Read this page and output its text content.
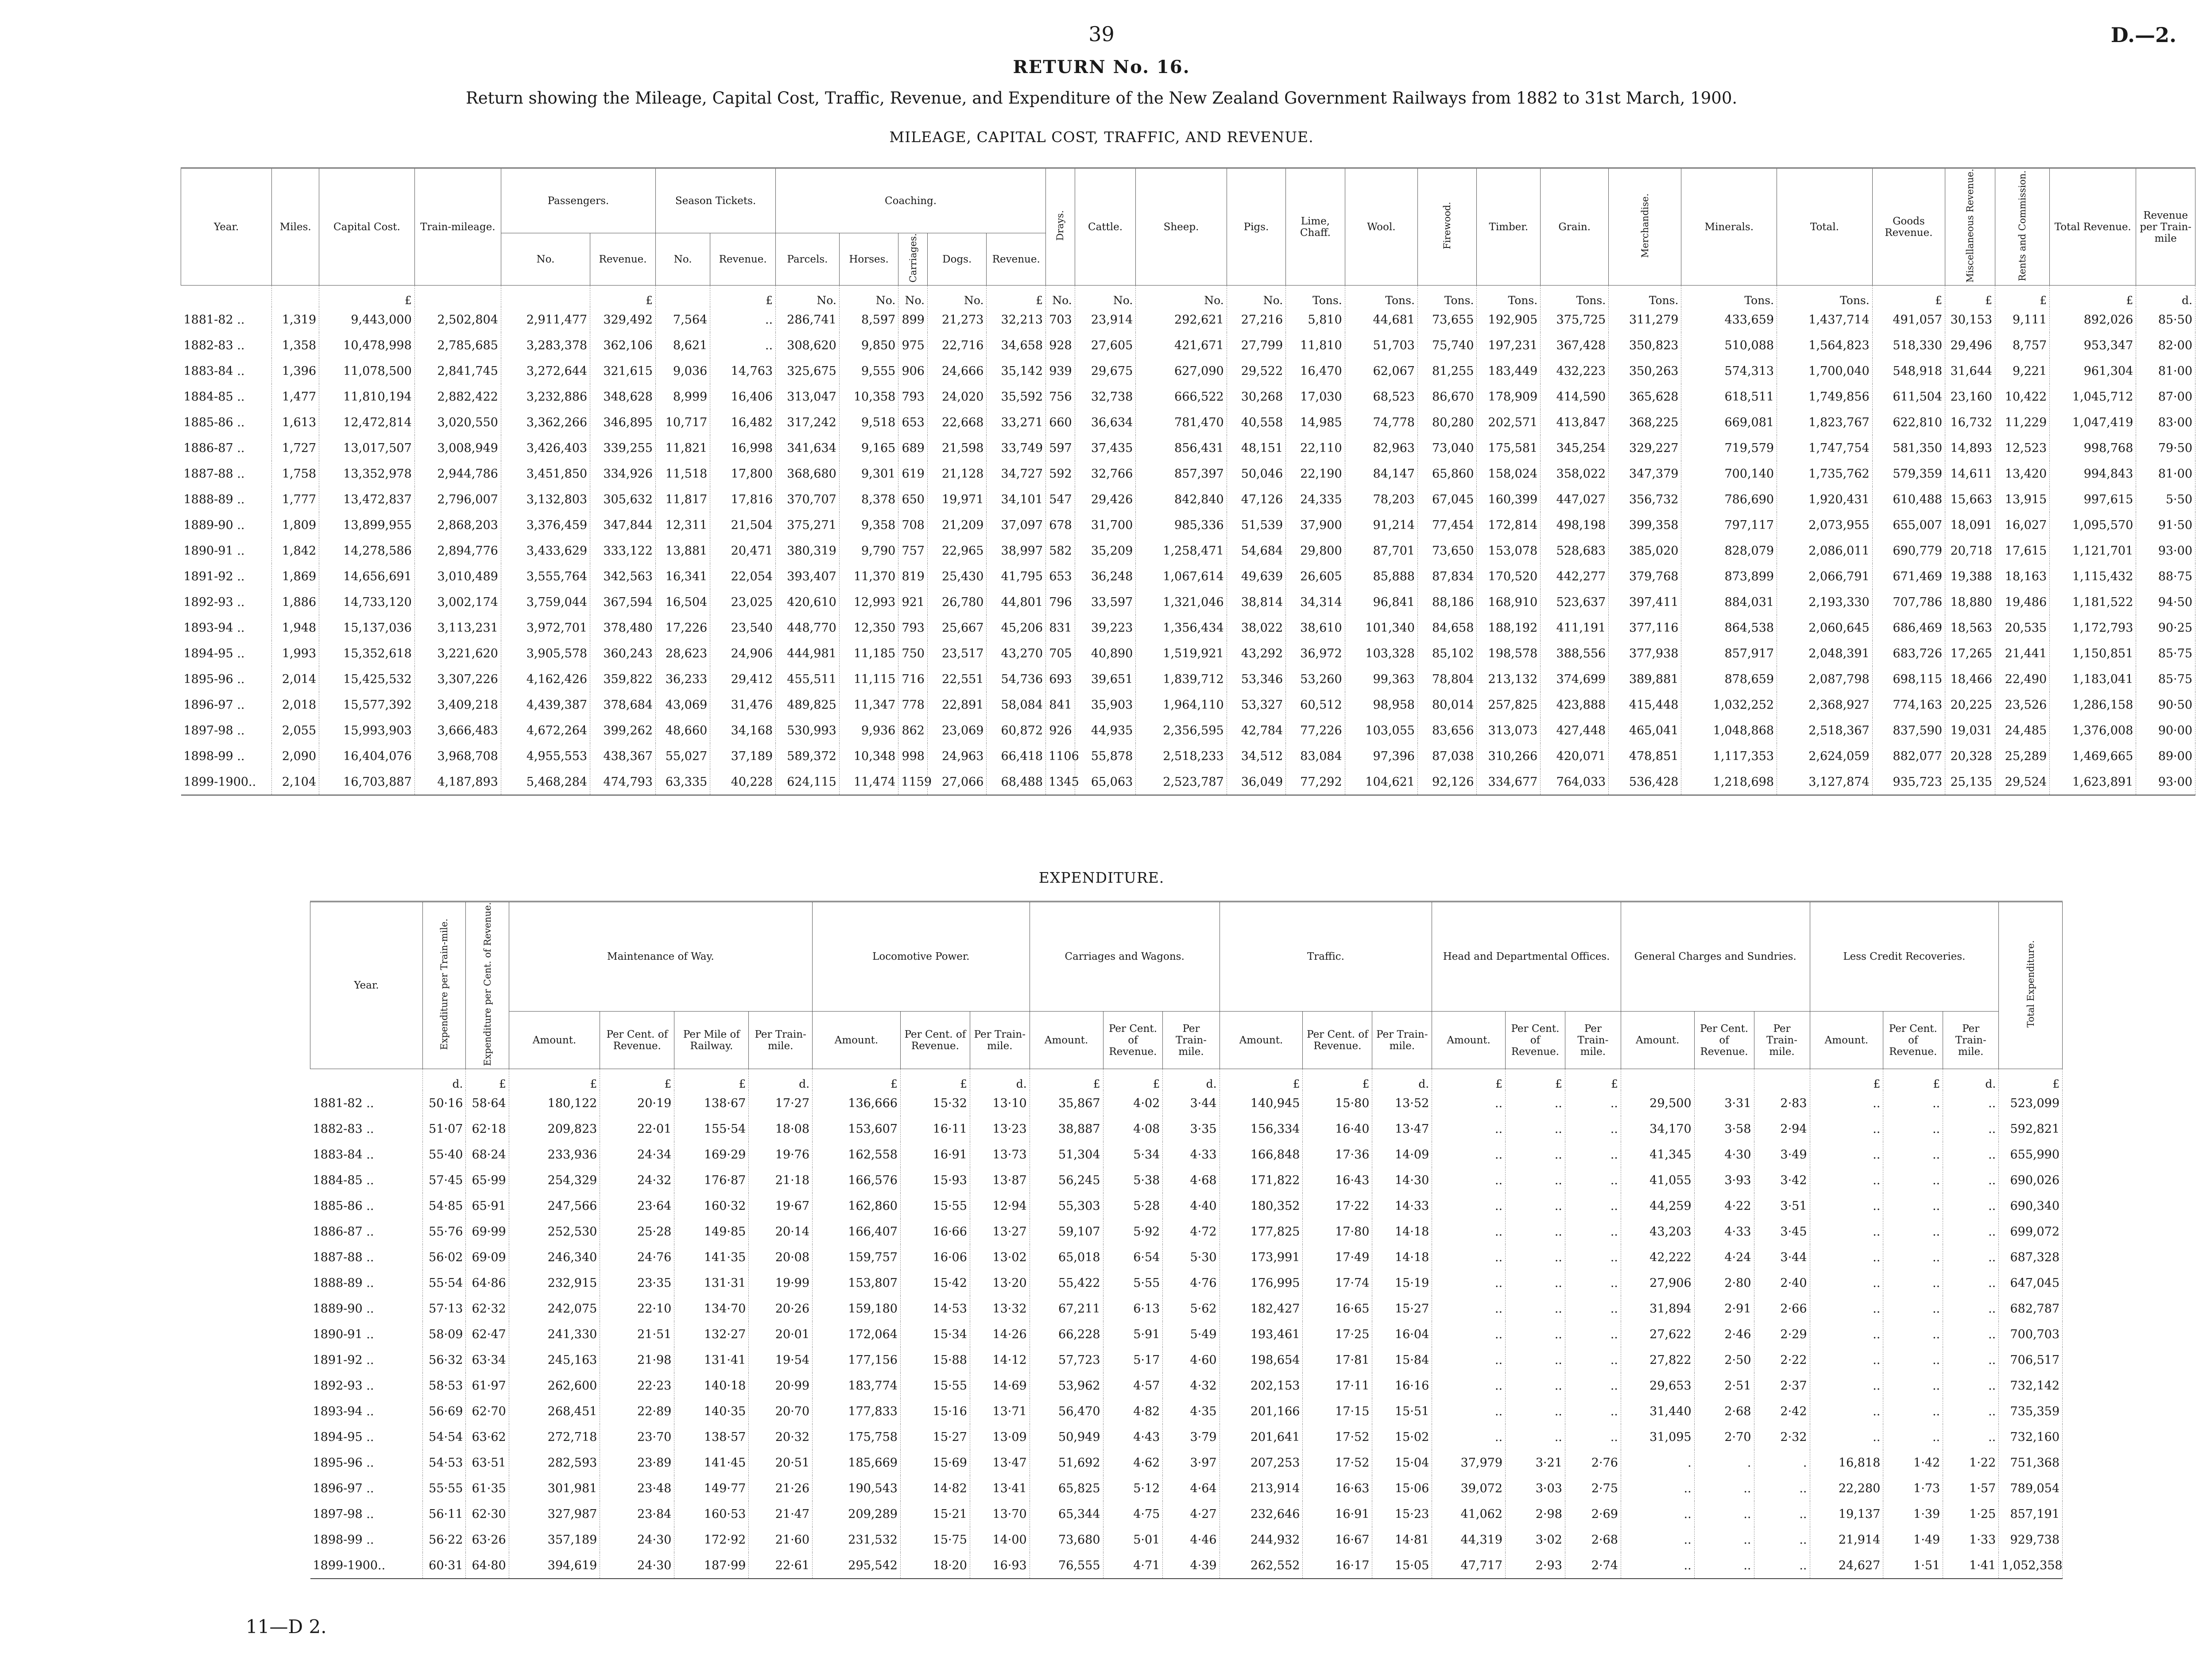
39	D.—2.
RETURN No. 16.
Return showing the Mileage, Capital Cost, Traffic, Revenue, and Expenditure of the New Zealand Government Railways from 1882 to 31st March, 1900.
MILEAGE, CAPITAL COST, TRAFFIC, AND REVENUE.
Year.	Miles.	Capital Cost.	Train-mileage.	Passengers.		Season Tickets.		Coaching.					Drays.	Cattle.	Sheep.	Pigs.	Lime, Chaff.	Wool.	Firewood.	Timber.	Grain.	Merchandise.	Minerals.	Total.	Goods Revenue.	Miscellaneous Revenue.	Rents and Commission.	Total Revenue.	Revenue per Train-mile
				No.	Revenue.	No.	Revenue.	Parcels.	Horses.	Carriages.	Dogs.	Revenue.																	
		£			£		£	No.	No.	No.	No.	£	No.	No.	No.	No.	Tons.	Tons.	Tons.	Tons.	Tons.	Tons.	Tons.	Tons.	£	£	£	£	d.
1881-82 ..	1,319	9,443,000	2,502,804	2,911,477	329,492	7,564	..	286,741	8,597	899	21,273	32,213	703	23,914	292,621	27,216	5,810	44,681	73,655	192,905	375,725	311,279	433,659	1,437,714	491,057	30,153	9,111	892,026	85·50
1882-83 ..	1,358	10,478,998	2,785,685	3,283,378	362,106	8,621	..	308,620	9,850	975	22,716	34,658	928	27,605	421,671	27,799	11,810	51,703	75,740	197,231	367,428	350,823	510,088	1,564,823	518,330	29,496	8,757	953,347	82·00
1883-84 ..	1,396	11,078,500	2,841,745	3,272,644	321,615	9,036	14,763	325,675	9,555	906	24,666	35,142	939	29,675	627,090	29,522	16,470	62,067	81,255	183,449	432,223	350,263	574,313	1,700,040	548,918	31,644	9,221	961,304	81·00
1884-85 ..	1,477	11,810,194	2,882,422	3,232,886	348,628	8,999	16,406	313,047	10,358	793	24,020	35,592	756	32,738	666,522	30,268	17,030	68,523	86,670	178,909	414,590	365,628	618,511	1,749,856	611,504	23,160	10,422	1,045,712	87·00
1885-86 ..	1,613	12,472,814	3,020,550	3,362,266	346,895	10,717	16,482	317,242	9,518	653	22,668	33,271	660	36,634	781,470	40,558	14,985	74,778	80,280	202,571	413,847	368,225	669,081	1,823,767	622,810	16,732	11,229	1,047,419	83·00
1886-87 ..	1,727	13,017,507	3,008,949	3,426,403	339,255	11,821	16,998	341,634	9,165	689	21,598	33,749	597	37,435	856,431	48,151	22,110	82,963	73,040	175,581	345,254	329,227	719,579	1,747,754	581,350	14,893	12,523	998,768	79·50
1887-88 ..	1,758	13,352,978	2,944,786	3,451,850	334,926	11,518	17,800	368,680	9,301	619	21,128	34,727	592	32,766	857,397	50,046	22,190	84,147	65,860	158,024	358,022	347,379	700,140	1,735,762	579,359	14,611	13,420	994,843	81·00
1888-89 ..	1,777	13,472,837	2,796,007	3,132,803	305,632	11,817	17,816	370,707	8,378	650	19,971	34,101	547	29,426	842,840	47,126	24,335	78,203	67,045	160,399	447,027	356,732	786,690	1,920,431	610,488	15,663	13,915	997,615	5·50
1889-90 ..	1,809	13,899,955	2,868,203	3,376,459	347,844	12,311	21,504	375,271	9,358	708	21,209	37,097	678	31,700	985,336	51,539	37,900	91,214	77,454	172,814	498,198	399,358	797,117	2,073,955	655,007	18,091	16,027	1,095,570	91·50
1890-91 ..	1,842	14,278,586	2,894,776	3,433,629	333,122	13,881	20,471	380,319	9,790	757	22,965	38,997	582	35,209	1,258,471	54,684	29,800	87,701	73,650	153,078	528,683	385,020	828,079	2,086,011	690,779	20,718	17,615	1,121,701	93·00
1891-92 ..	1,869	14,656,691	3,010,489	3,555,764	342,563	16,341	22,054	393,407	11,370	819	25,430	41,795	653	36,248	1,067,614	49,639	26,605	85,888	87,834	170,520	442,277	379,768	873,899	2,066,791	671,469	19,388	18,163	1,115,432	88·75
1892-93 ..	1,886	14,733,120	3,002,174	3,759,044	367,594	16,504	23,025	420,610	12,993	921	26,780	44,801	796	33,597	1,321,046	38,814	34,314	96,841	88,186	168,910	523,637	397,411	884,031	2,193,330	707,786	18,880	19,486	1,181,522	94·50
1893-94 ..	1,948	15,137,036	3,113,231	3,972,701	378,480	17,226	23,540	448,770	12,350	793	25,667	45,206	831	39,223	1,356,434	38,022	38,610	101,340	84,658	188,192	411,191	377,116	864,538	2,060,645	686,469	18,563	20,535	1,172,793	90·25
1894-95 ..	1,993	15,352,618	3,221,620	3,905,578	360,243	28,623	24,906	444,981	11,185	750	23,517	43,270	705	40,890	1,519,921	43,292	36,972	103,328	85,102	198,578	388,556	377,938	857,917	2,048,391	683,726	17,265	21,441	1,150,851	85·75
1895-96 ..	2,014	15,425,532	3,307,226	4,162,426	359,822	36,233	29,412	455,511	11,115	716	22,551	54,736	693	39,651	1,839,712	53,346	53,260	99,363	78,804	213,132	374,699	389,881	878,659	2,087,798	698,115	18,466	22,490	1,183,041	85·75
1896-97 ..	2,018	15,577,392	3,409,218	4,439,387	378,684	43,069	31,476	489,825	11,347	778	22,891	58,084	841	35,903	1,964,110	53,327	60,512	98,958	80,014	257,825	423,888	415,448	1,032,252	2,368,927	774,163	20,225	23,526	1,286,158	90·50
1897-98 ..	2,055	15,993,903	3,666,483	4,672,264	399,262	48,660	34,168	530,993	9,936	862	23,069	60,872	926	44,935	2,356,595	42,784	77,226	103,055	83,656	313,073	427,448	465,041	1,048,868	2,518,367	837,590	19,031	24,485	1,376,008	90·00
1898-99 ..	2,090	16,404,076	3,968,708	4,955,553	438,367	55,027	37,189	589,372	10,348	998	24,963	66,418	1106	55,878	2,518,233	34,512	83,084	97,396	87,038	310,266	420,071	478,851	1,117,353	2,624,059	882,077	20,328	25,289	1,469,665	89·00
1899-1900..	2,104	16,703,887	4,187,893	5,468,284	474,793	63,335	40,228	624,115	11,474	1159	27,066	68,488	1345	65,063	2,523,787	36,049	77,292	104,621	92,126	334,677	764,033	536,428	1,218,698	3,127,874	935,723	25,135	29,524	1,623,891	93·00
EXPENDITURE.
Year.	Expenditure per Train-mile.	Expenditure per Cent. of Revenue.	Maintenance of Way.				Locomotive Power.			Carriages and Wagons.			Traffic.			Head and Departmental Offices.			General Charges and Sundries.			Less Credit Recoveries.			Total Expenditure.
			Amount.	Per Cent. of Revenue.	Per Mile of Railway.	Per Train-mile.	Amount.	Per Cent. of Revenue.	Per Train-mile.	Amount.	Per Cent. of Revenue.	Per Train-mile.	Amount.	Per Cent. of Revenue.	Per Train-mile.	Amount.	Per Cent. of Revenue.	Per Train-mile.	Amount.	Per Cent. of Revenue.	Per Train-mile.	Amount.	Per Cent. of Revenue.	Per Train-mile.	
	d.	£	£	£	£	d.	£	£	d.	£	£	d.	£	£	d.	£	£	£				£	£	d.	£
1881-82 ..	50·16	58·64	180,122	20·19	138·67	17·27	136,666	15·32	13·10	35,867	4·02	3·44	140,945	15·80	13·52	..	..	..	29,500	3·31	2·83	..	..	..	523,099
1882-83 ..	51·07	62·18	209,823	22·01	155·54	18·08	153,607	16·11	13·23	38,887	4·08	3·35	156,334	16·40	13·47	..	..	..	34,170	3·58	2·94	..	..	..	592,821
1883-84 ..	55·40	68·24	233,936	24·34	169·29	19·76	162,558	16·91	13·73	51,304	5·34	4·33	166,848	17·36	14·09	..	..	..	41,345	4·30	3·49	..	..	..	655,990
1884-85 ..	57·45	65·99	254,329	24·32	176·87	21·18	166,576	15·93	13·87	56,245	5·38	4·68	171,822	16·43	14·30	..	..	..	41,055	3·93	3·42	..	..	..	690,026
1885-86 ..	54·85	65·91	247,566	23·64	160·32	19·67	162,860	15·55	12·94	55,303	5·28	4·40	180,352	17·22	14·33	..	..	..	44,259	4·22	3·51	..	..	..	690,340
1886-87 ..	55·76	69·99	252,530	25·28	149·85	20·14	166,407	16·66	13·27	59,107	5·92	4·72	177,825	17·80	14·18	..	..	..	43,203	4·33	3·45	..	..	..	699,072
1887-88 ..	56·02	69·09	246,340	24·76	141·35	20·08	159,757	16·06	13·02	65,018	6·54	5·30	173,991	17·49	14·18	..	..	..	42,222	4·24	3·44	..	..	..	687,328
1888-89 ..	55·54	64·86	232,915	23·35	131·31	19·99	153,807	15·42	13·20	55,422	5·55	4·76	176,995	17·74	15·19	..	..	..	27,906	2·80	2·40	..	..	..	647,045
1889-90 ..	57·13	62·32	242,075	22·10	134·70	20·26	159,180	14·53	13·32	67,211	6·13	5·62	182,427	16·65	15·27	..	..	..	31,894	2·91	2·66	..	..	..	682,787
1890-91 ..	58·09	62·47	241,330	21·51	132·27	20·01	172,064	15·34	14·26	66,228	5·91	5·49	193,461	17·25	16·04	..	..	..	27,622	2·46	2·29	..	..	..	700,703
1891-92 ..	56·32	63·34	245,163	21·98	131·41	19·54	177,156	15·88	14·12	57,723	5·17	4·60	198,654	17·81	15·84	..	..	..	27,822	2·50	2·22	..	..	..	706,517
1892-93 ..	58·53	61·97	262,600	22·23	140·18	20·99	183,774	15·55	14·69	53,962	4·57	4·32	202,153	17·11	16·16	..	..	..	29,653	2·51	2·37	..	..	..	732,142
1893-94 ..	56·69	62·70	268,451	22·89	140·35	20·70	177,833	15·16	13·71	56,470	4·82	4·35	201,166	17·15	15·51	..	..	..	31,440	2·68	2·42	..	..	..	735,359
1894-95 ..	54·54	63·62	272,718	23·70	138·57	20·32	175,758	15·27	13·09	50,949	4·43	3·79	201,641	17·52	15·02	..	..	..	31,095	2·70	2·32	..	..	..	732,160
1895-96 ..	54·53	63·51	282,593	23·89	141·45	20·51	185,669	15·69	13·47	51,692	4·62	3·97	207,253	17·52	15·04	37,979	3·21	2·76	.	.	.	16,818	1·42	1·22	751,368
1896-97 ..	55·55	61·35	301,981	23·48	149·77	21·26	190,543	14·82	13·41	65,825	5·12	4·64	213,914	16·63	15·06	39,072	3·03	2·75	..	..	..	22,280	1·73	1·57	789,054
1897-98 ..	56·11	62·30	327,987	23·84	160·53	21·47	209,289	15·21	13·70	65,344	4·75	4·27	232,646	16·91	15·23	41,062	2·98	2·69	..	..	..	19,137	1·39	1·25	857,191
1898-99 ..	56·22	63·26	357,189	24·30	172·92	21·60	231,532	15·75	14·00	73,680	5·01	4·46	244,932	16·67	14·81	44,319	3·02	2·68	..	..	..	21,914	1·49	1·33	929,738
1899-1900..	60·31	64·80	394,619	24·30	187·99	22·61	295,542	18·20	16·93	76,555	4·71	4·39	262,552	16·17	15·05	47,717	2·93	2·74	..	..	..	24,627	1·51	1·41	1,052,358
11—D 2.
